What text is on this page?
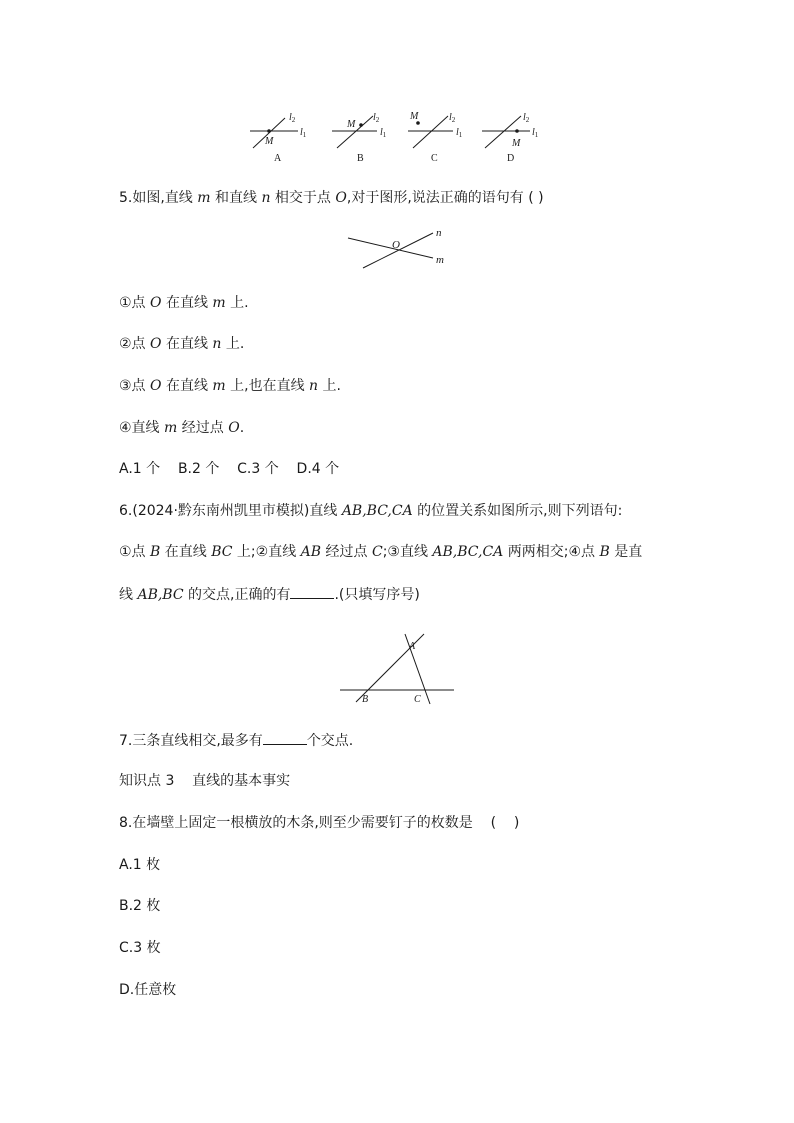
M
$l_2$
$l_1$
A
M
$l_2$
$l_1$
B
M	$l_2$
$l_1$
C
M
$l_2$
$l_1$
D
5.如图,直线 m 和直线 n 相交于点 O,对于图形,说法正确的语句有 ( )
O
n
m
①点 O 在直线 m 上.
②点 O 在直线 n 上.
③点 O 在直线 m 上,也在直线 n 上.
④直线 m 经过点 O.
A.1 个    B.2 个    C.3 个    D.4 个
6.(2024·黔东南州凯里市模拟)直线 AB,BC,CA 的位置关系如图所示,则下列语句:
①点 B 在直线 BC 上;②直线 AB 经过点 C;③直线 AB,BC,CA 两两相交;④点 B 是直
线 AB,BC 的交点,正确的有	.(只填写序号)
A
B	C
7.三条直线相交,最多有	个交点.
知识点 3    直线的基本事实
8.在墙壁上固定一根横放的木条,则至少需要钉子的枚数是    (    )
A.1 枚
B.2 枚
C.3 枚
D.任意枚
